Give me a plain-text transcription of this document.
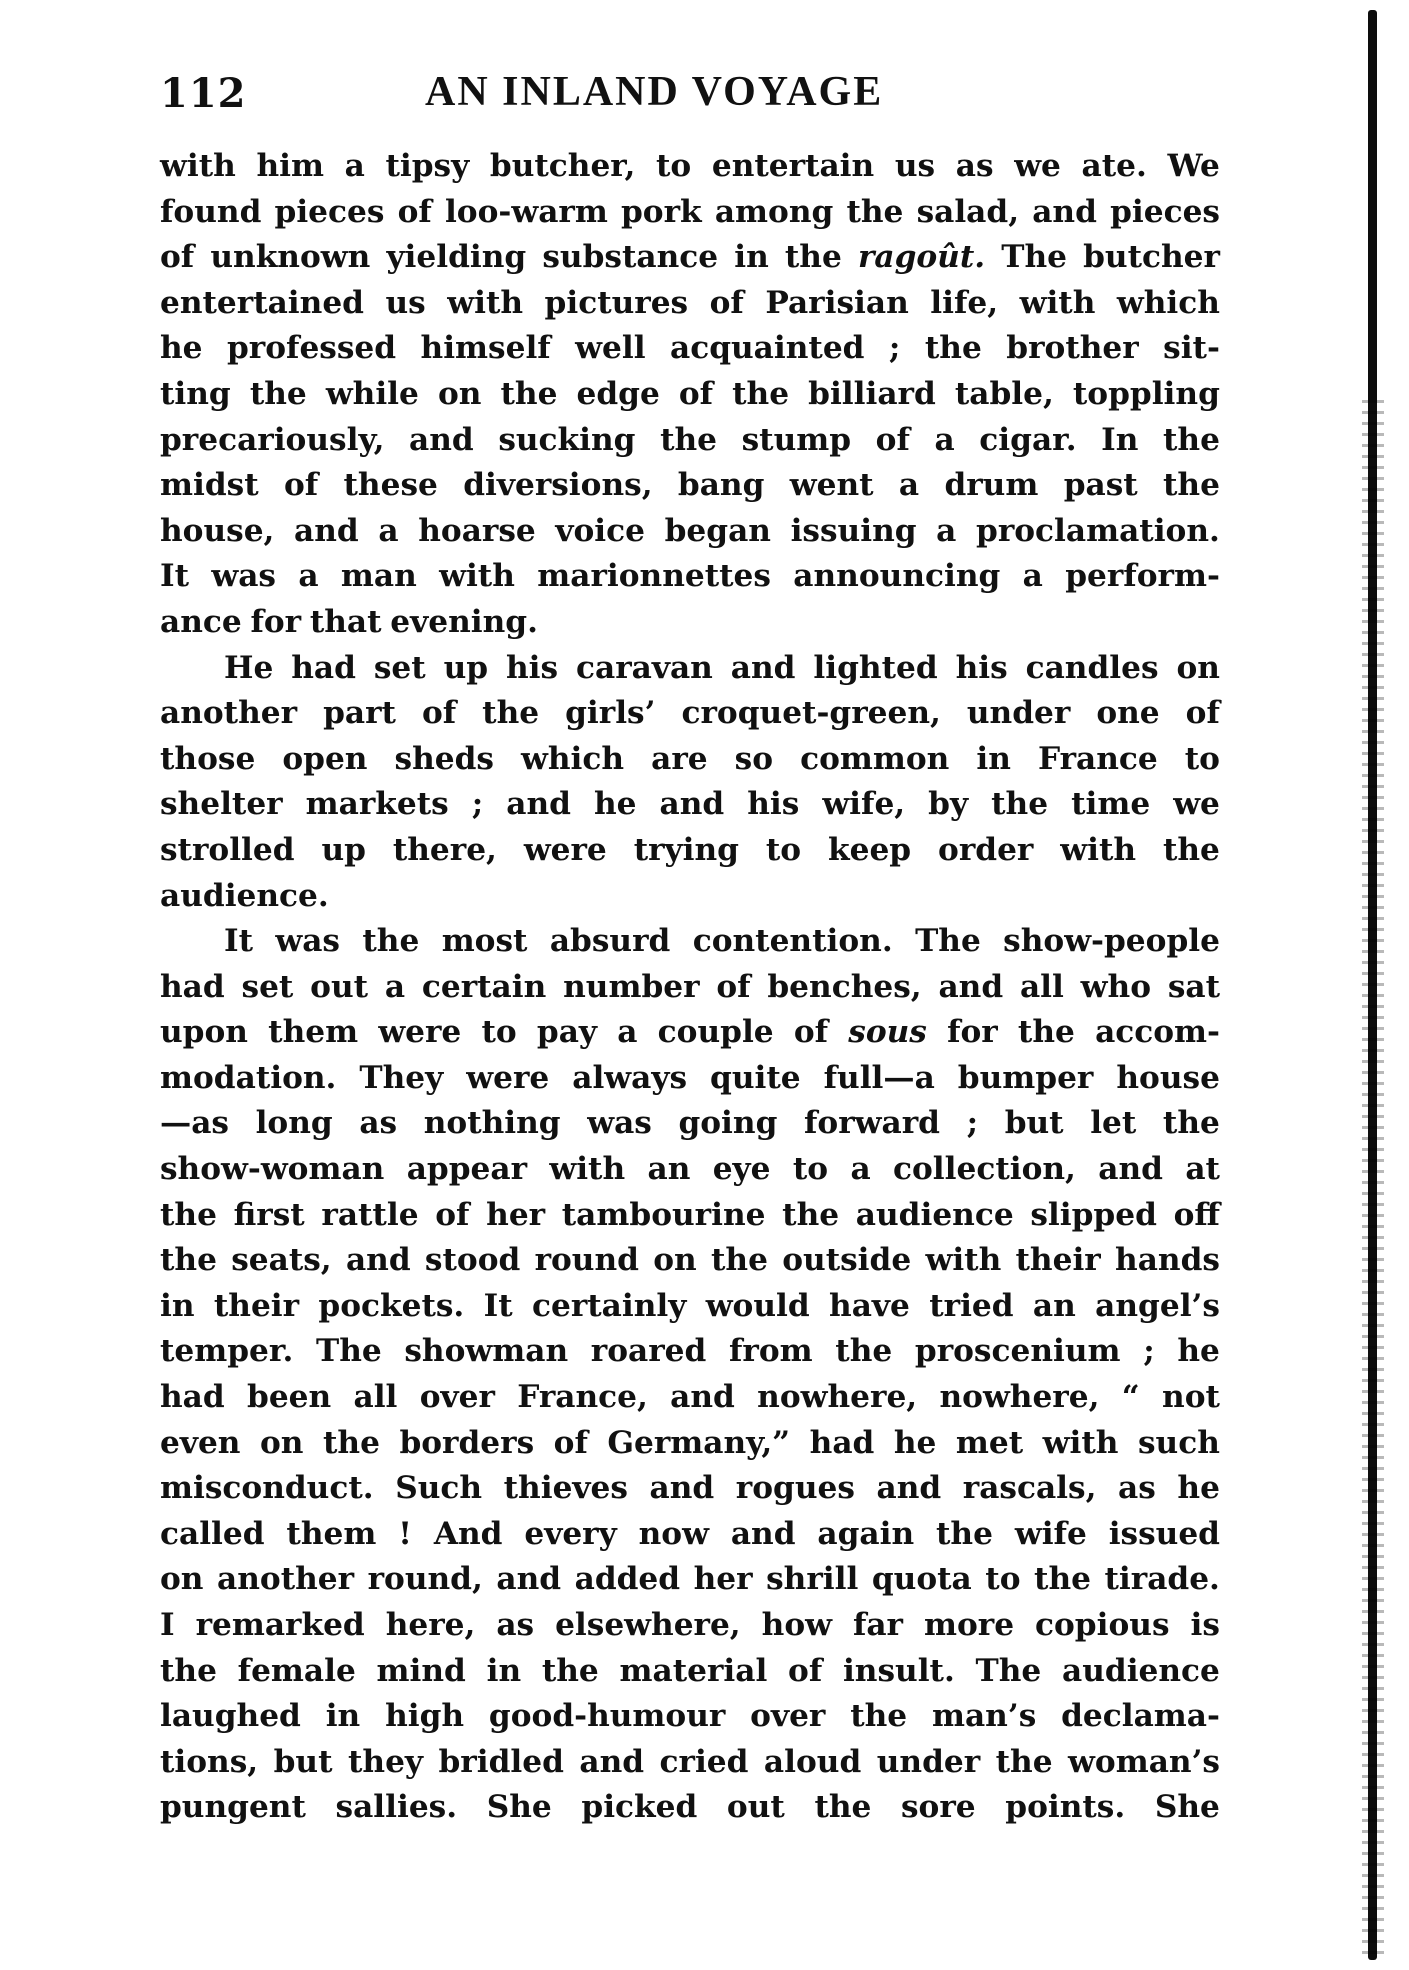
112	AN INLAND VOYAGE
with him a tipsy butcher, to entertain us as we ate. We
found pieces of loo-warm pork among the salad, and pieces
of unknown yielding substance in the ragoût. The butcher
entertained us with pictures of Parisian life, with which
he professed himself well acquainted ; the brother sit-
ting the while on the edge of the billiard table, toppling
precariously, and sucking the stump of a cigar. In the
midst of these diversions, bang went a drum past the
house, and a hoarse voice began issuing a proclamation.
It was a man with marionnettes announcing a perform-
ance for that evening.
He had set up his caravan and lighted his candles on
another part of the girls’ croquet-green, under one of
those open sheds which are so common in France to
shelter markets ; and he and his wife, by the time we
strolled up there, were trying to keep order with the
audience.
It was the most absurd contention. The show-people
had set out a certain number of benches, and all who sat
upon them were to pay a couple of sous for the accom-
modation. They were always quite full—a bumper house
—as long as nothing was going forward ; but let the
show-woman appear with an eye to a collection, and at
the first rattle of her tambourine the audience slipped off
the seats, and stood round on the outside with their hands
in their pockets. It certainly would have tried an angel’s
temper. The showman roared from the proscenium ; he
had been all over France, and nowhere, nowhere, “ not
even on the borders of Germany,” had he met with such
misconduct. Such thieves and rogues and rascals, as he
called them ! And every now and again the wife issued
on another round, and added her shrill quota to the tirade.
I remarked here, as elsewhere, how far more copious is
the female mind in the material of insult. The audience
laughed in high good-humour over the man’s declama-
tions, but they bridled and cried aloud under the woman’s
pungent sallies. She picked out the sore points. She
